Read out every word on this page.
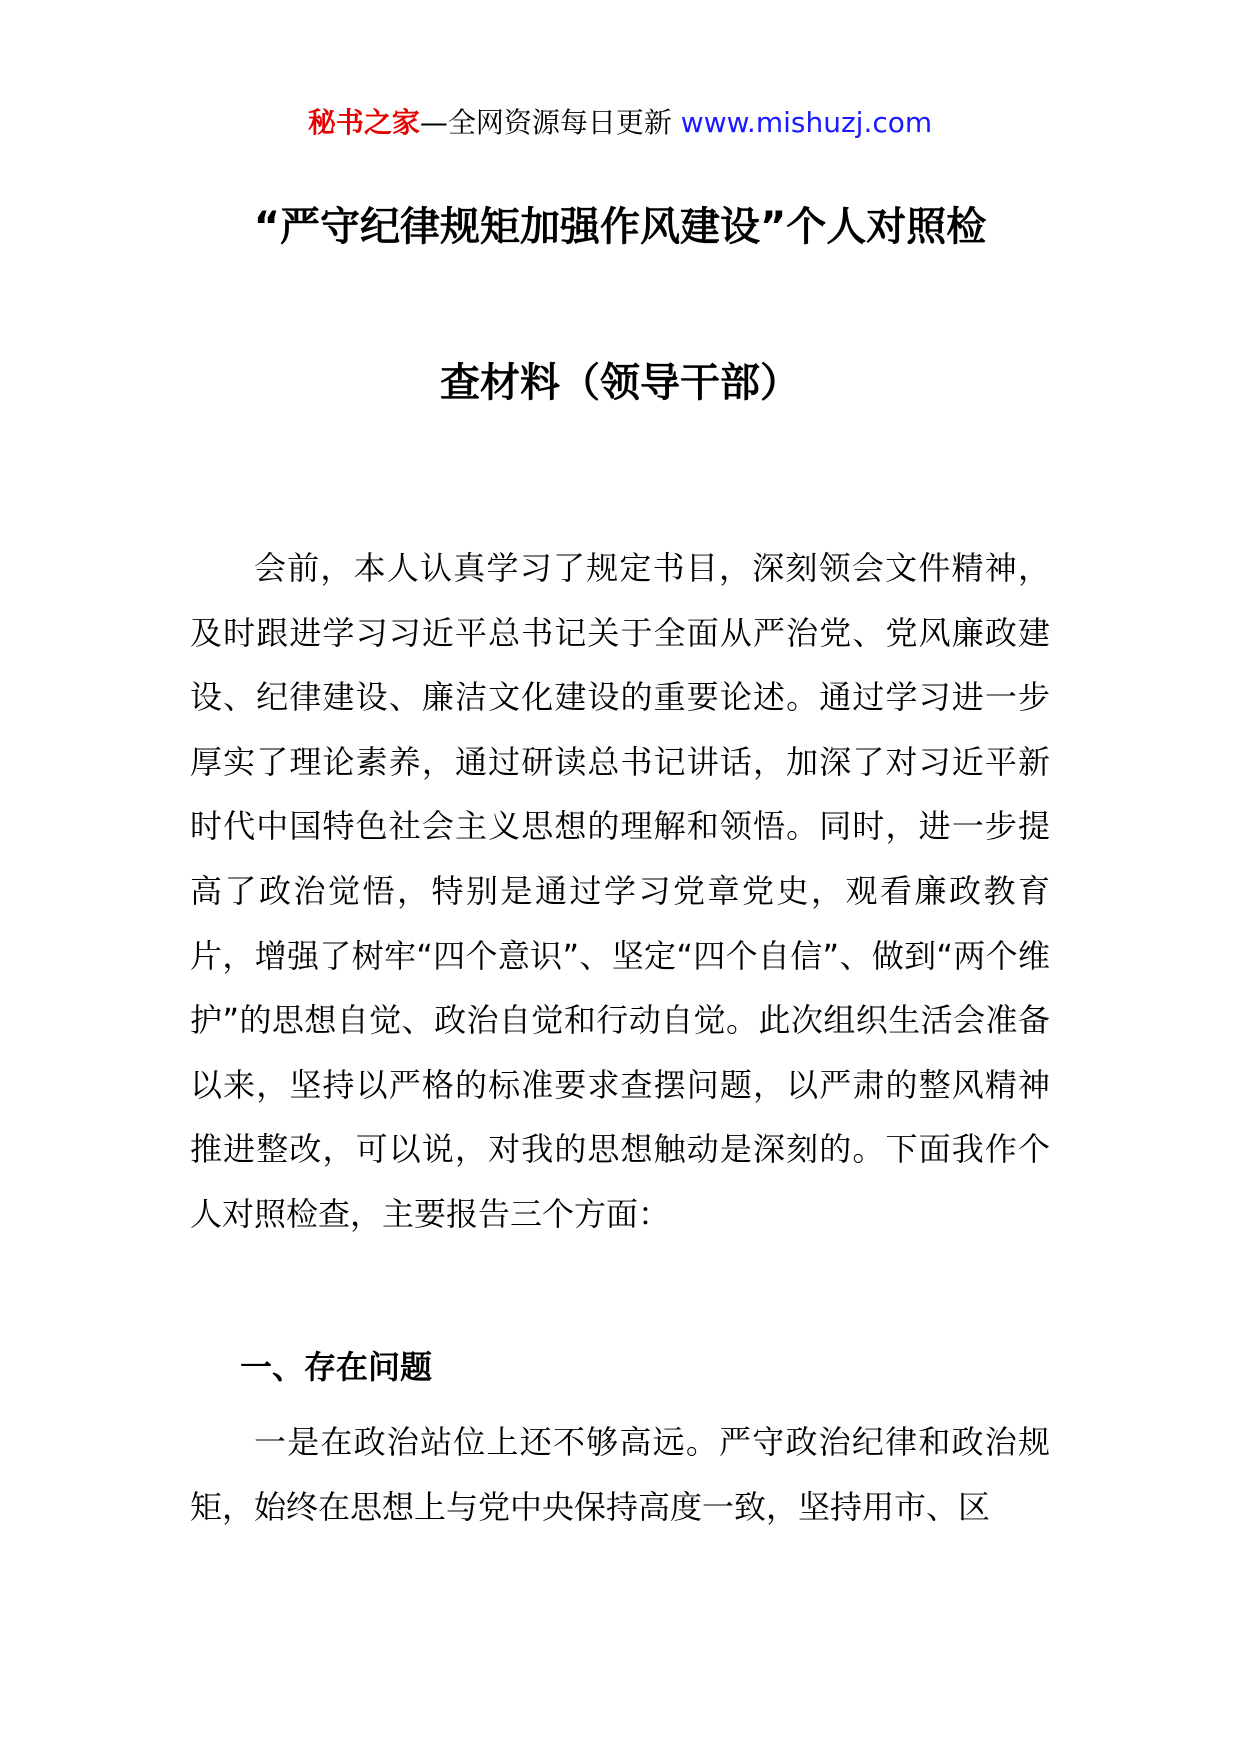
秘书之家—全网资源每日更新 www.mishuzj.com
“严守纪律规矩加强作风建设”个人对照检
查材料（领导干部）

会前，本人认真学习了规定书目，深刻领会文件精神，及时跟进学习习近平总书记关于全面从严治党、党风廉政建设、纪律建设、廉洁文化建设的重要论述。通过学习进一步厚实了理论素养，通过研读总书记讲话，加深了对习近平新时代中国特色社会主义思想的理解和领悟。同时，进一步提高了政治觉悟，特别是通过学习党章党史，观看廉政教育片，增强了树牢“四个意识”、坚定“四个自信”、做到“两个维护”的思想自觉、政治自觉和行动自觉。此次组织生活会准备以来，坚持以严格的标准要求查摆问题，以严肃的整风精神推进整改，可以说，对我的思想触动是深刻的。下面我作个人对照检查，主要报告三个方面：

一、存在问题

一是在政治站位上还不够高远。严守政治纪律和政治规矩，始终在思想上与党中央保持高度一致，坚持用市、区
